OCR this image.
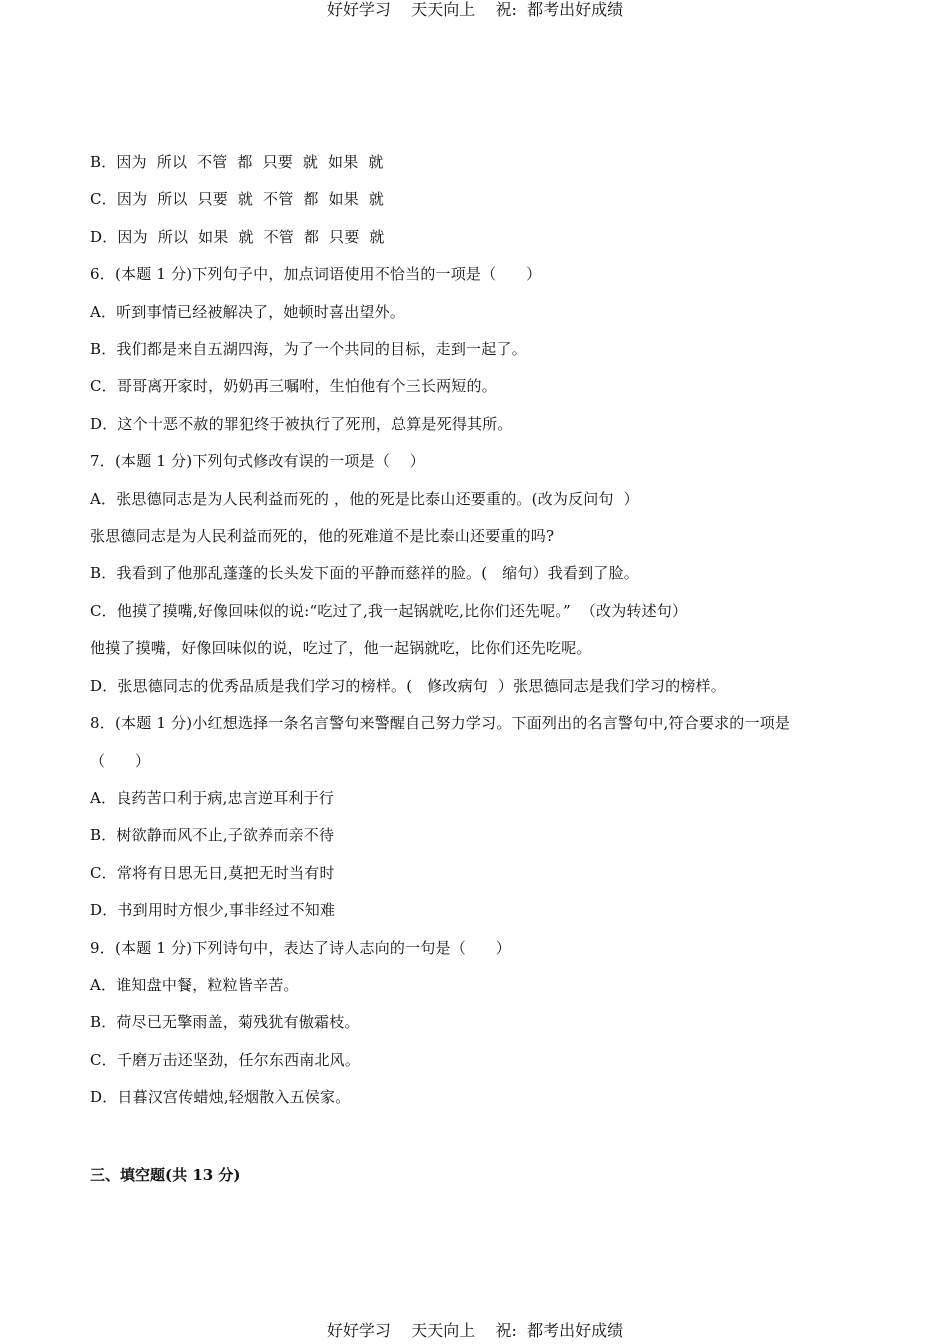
好好学习    天天向上    祝:  都考出好成绩
B．因为  所以  不管  都  只要  就  如果  就
C．因为  所以  只要  就  不管  都  如果  就
D．因为  所以  如果  就  不管  都  只要  就
6．(本题 1 分)下列句子中，加点词语使用不恰当的一项是（      ）
A．听到事情已经被解决了，她顿时喜出望外。
B．我们都是来自五湖四海，为了一个共同的目标，走到一起了。
C．哥哥离开家时，奶奶再三嘱咐，生怕他有个三长两短的。
D．这个十恶不赦的罪犯终于被执行了死刑，总算是死得其所。
7．(本题 1 分)下列句式修改有误的一项是（    ）
A．张思德同志是为人民利益而死的 ，他的死是比泰山还要重的。(改为反问句  ）
张思德同志是为人民利益而死的，他的死难道不是比泰山还要重的吗?
B．我看到了他那乱蓬蓬的长头发下面的平静而慈祥的脸。(   缩句）我看到了脸。
C．他摸了摸嘴,好像回味似的说:“吃过了,我一起锅就吃,比你们还先呢。”  （改为转述句）
他摸了摸嘴，好像回味似的说，吃过了，他一起锅就吃，比你们还先吃呢。
D．张思德同志的优秀品质是我们学习的榜样。(   修改病句  ）张思德同志是我们学习的榜样。
8．(本题 1 分)小红想选择一条名言警句来警醒自己努力学习。下面列出的名言警句中,符合要求的一项是
（      ）
A．良药苦口利于病,忠言逆耳利于行
B．树欲静而风不止,子欲养而亲不待
C．常将有日思无日,莫把无时当有时
D．书到用时方恨少,事非经过不知难
9．(本题 1 分)下列诗句中，表达了诗人志向的一句是（      ）
A．谁知盘中餐，粒粒皆辛苦。
B．荷尽已无擎雨盖，菊残犹有傲霜枝。
C．千磨万击还坚劲，任尔东西南北风。
D．日暮汉宫传蜡烛,轻烟散入五侯家。
三、填空题(共 13 分)
好好学习    天天向上    祝:  都考出好成绩
